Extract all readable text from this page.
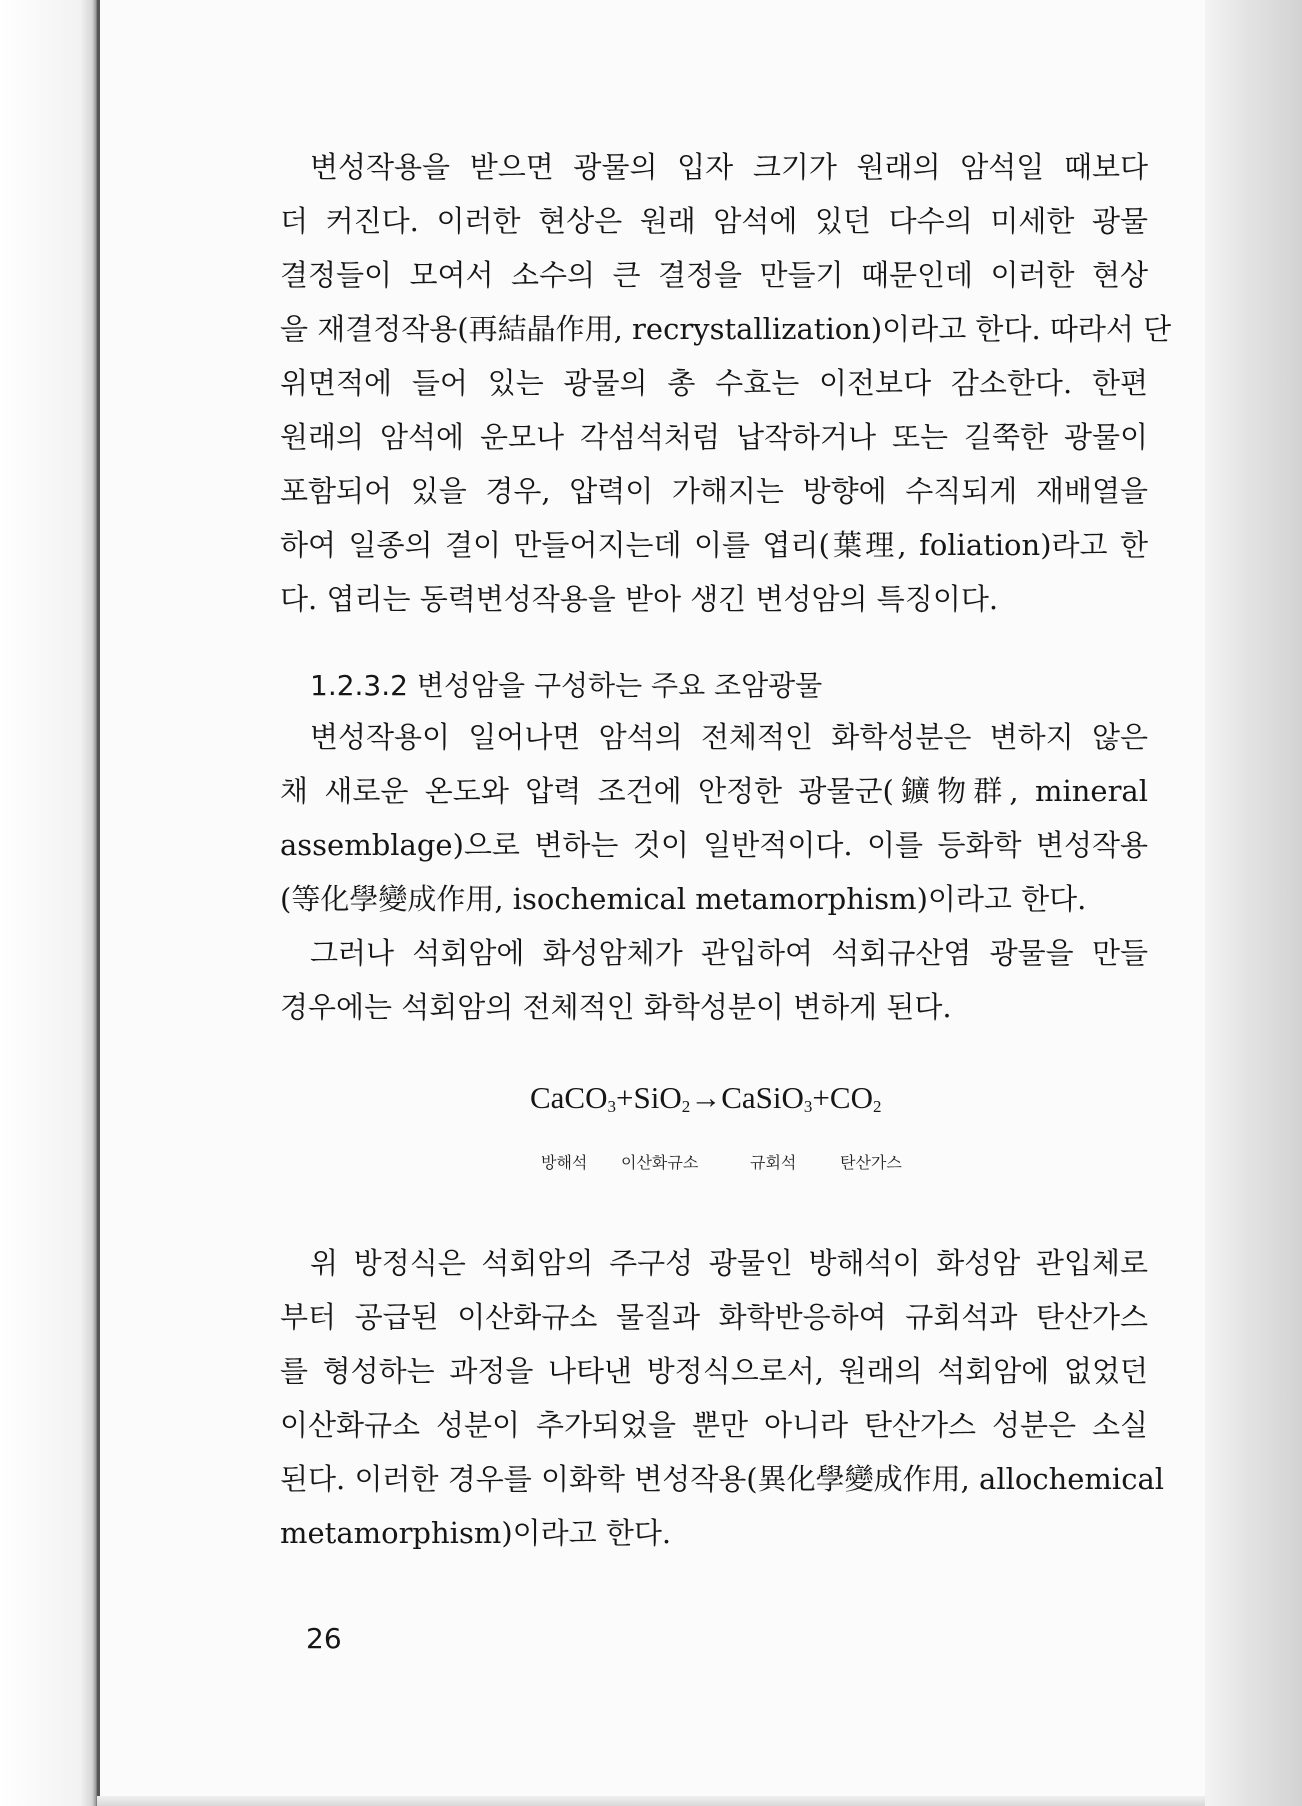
변성작용을 받으면 광물의 입자 크기가 원래의 암석일 때보다
더 커진다. 이러한 현상은 원래 암석에 있던 다수의 미세한 광물
결정들이 모여서 소수의 큰 결정을 만들기 때문인데 이러한 현상
을 재결정작용(再結晶作用, recrystallization)이라고 한다. 따라서 단
위면적에 들어 있는 광물의 총 수효는 이전보다 감소한다. 한편
원래의 암석에 운모나 각섬석처럼 납작하거나 또는 길쭉한 광물이
포함되어 있을 경우, 압력이 가해지는 방향에 수직되게 재배열을
하여 일종의 결이 만들어지는데 이를 엽리(葉理, foliation)라고 한
다. 엽리는 동력변성작용을 받아 생긴 변성암의 특징이다.
1.2.3.2 변성암을 구성하는 주요 조암광물
변성작용이 일어나면 암석의 전체적인 화학성분은 변하지 않은
채 새로운 온도와 압력 조건에 안정한 광물군(鑛物群, mineral
assemblage)으로 변하는 것이 일반적이다. 이를 등화학 변성작용
(等化學變成作用, isochemical metamorphism)이라고 한다.
그러나 석회암에 화성암체가 관입하여 석회규산염 광물을 만들
경우에는 석회암의 전체적인 화학성분이 변하게 된다.
$CaCO_3+SiO_2\to CaSiO_3+CO_2$
방해석 이산화규소	규회석	탄산가스
위 방정식은 석회암의 주구성 광물인 방해석이 화성암 관입체로
부터 공급된 이산화규소 물질과 화학반응하여 규회석과 탄산가스
를 형성하는 과정을 나타낸 방정식으로서, 원래의 석회암에 없었던
이산화규소 성분이 추가되었을 뿐만 아니라 탄산가스 성분은 소실
된다. 이러한 경우를 이화학 변성작용(異化學變成作用, allochemical
metamorphism)이라고 한다.
26
